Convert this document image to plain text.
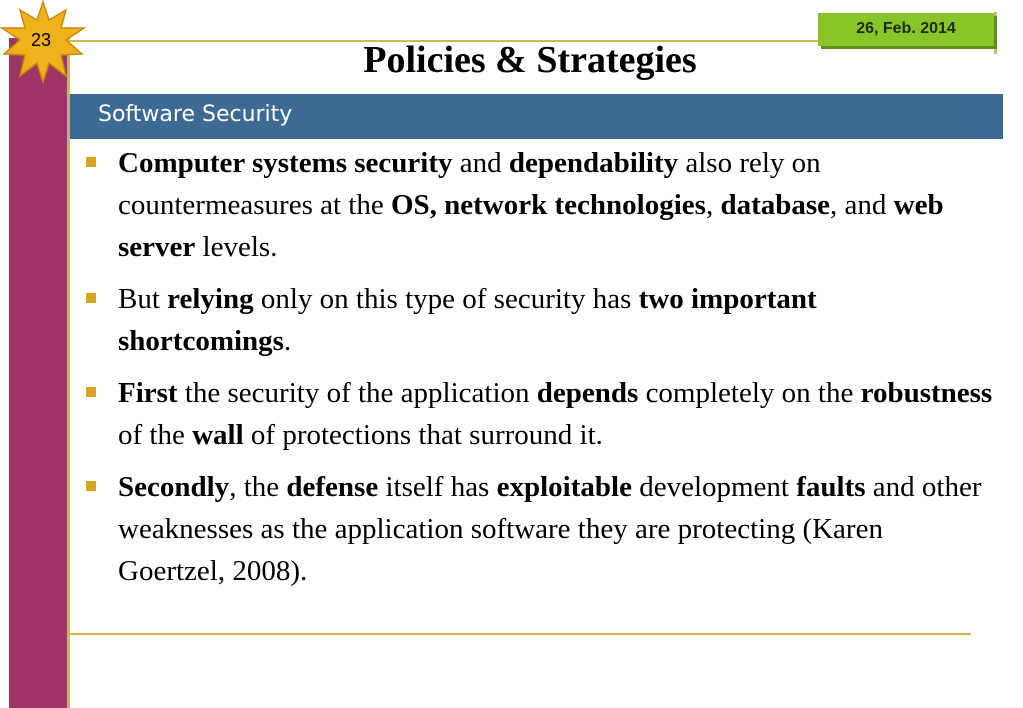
23
26, Feb. 2014
Policies & Strategies
Software Security
Computer systems security and dependability also rely on countermeasures at the OS, network technologies, database, and web server levels.
But relying only on this type of security has two important shortcomings.
First the security of the application depends completely on the robustness of the wall of protections that surround it.
Secondly, the defense itself has exploitable development faults and other weaknesses as the application software they are protecting (Karen Goertzel, 2008).
